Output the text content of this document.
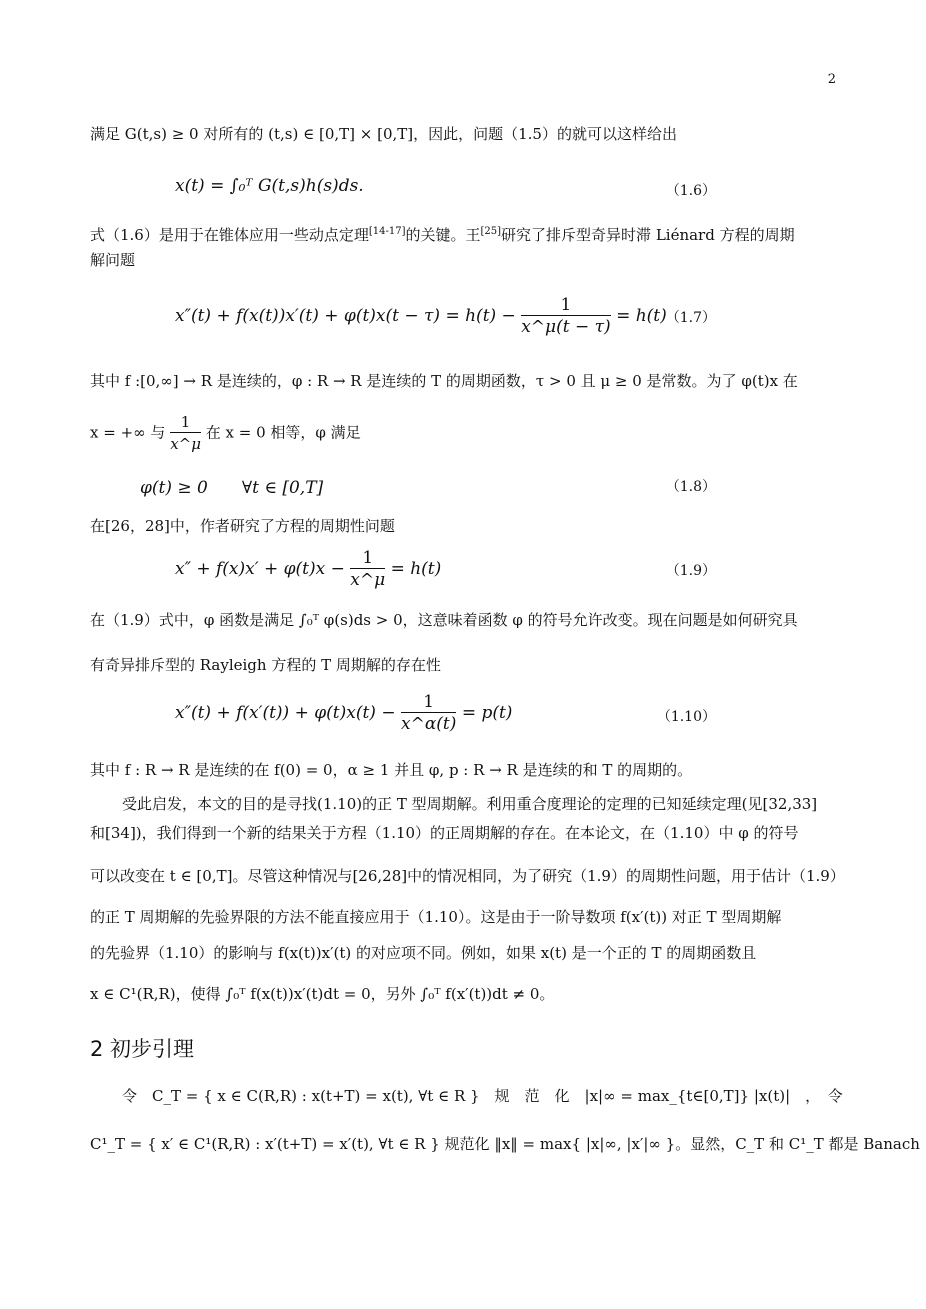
2
满足 G(t,s) ≥ 0 对所有的 (t,s) ∈ [0,T] × [0,T]，因此，问题（1.5）的就可以这样给出
x(t) = ∫₀ᵀ G(t,s)h(s)ds.	（1.6）
式（1.6）是用于在锥体应用一些动点定理[14-17]的关键。王[25]研究了排斥型奇异时滞 Liénard 方程的周期
解问题
$x''(t) + f(x(t))x'(t) + \varphi(t)x(t - \tau) = h(t) - \frac{1}{x\^{}\mu(t - \tau)} = h(t)$
（1.7）
其中 f :[0,∞] → R 是连续的，φ : R → R 是连续的 T 的周期函数，τ > 0 且 μ ≥ 0 是常数。为了 φ(t)x 在
x = +∞ 与 $\frac{1}{x\^{}\mu}$ 在 x = 0 相等，φ 满足
φ(t) ≥ 0　　∀t ∈ [0,T]	（1.8）
在[26，28]中，作者研究了方程的周期性问题
$x'' + f(x)x' + \varphi(t)x - \frac{1}{x\^{}\mu} = h(t)$	（1.9）
在（1.9）式中，φ 函数是满足 ∫₀ᵀ φ(s)ds > 0，这意味着函数 φ 的符号允许改变。现在问题是如何研究具
有奇异排斥型的 Rayleigh 方程的 T 周期解的存在性
$x''(t) + f(x'(t)) + \varphi(t)x(t) - \frac{1}{x\^{}\alpha(t)} = p(t)$	（1.10）
其中 f : R → R 是连续的在 f(0) = 0，α ≥ 1 并且 φ, p : R → R 是连续的和 T 的周期的。
受此启发，本文的目的是寻找(1.10)的正 T 型周期解。利用重合度理论的定理的已知延续定理(见[32,33]
和[34])，我们得到一个新的结果关于方程（1.10）的正周期解的存在。在本论文，在（1.10）中 φ 的符号
可以改变在 t ∈ [0,T]。尽管这种情况与[26,28]中的情况相同，为了研究（1.9）的周期性问题，用于估计（1.9）
的正 T 周期解的先验界限的方法不能直接应用于（1.10）。这是由于一阶导数项 f(x′(t)) 对正 T 型周期解
的先验界（1.10）的影响与 f(x(t))x′(t) 的对应项不同。例如，如果 x(t) 是一个正的 T 的周期函数且
x ∈ C¹(R,R)，使得 ∫₀ᵀ f(x(t))x′(t)dt = 0，另外 ∫₀ᵀ f(x′(t))dt ≠ 0。
2 初步引理
令　C_T = { x ∈ C(R,R) : x(t+T) = x(t), ∀t ∈ R }　规　范　化　|x|∞ = max_{t∈[0,T]} |x(t)|　，　令
C¹_T = { x′ ∈ C¹(R,R) : x′(t+T) = x′(t), ∀t ∈ R } 规范化 ‖x‖ = max{ |x|∞, |x′|∞ }。显然，C_T 和 C¹_T 都是 Banach
